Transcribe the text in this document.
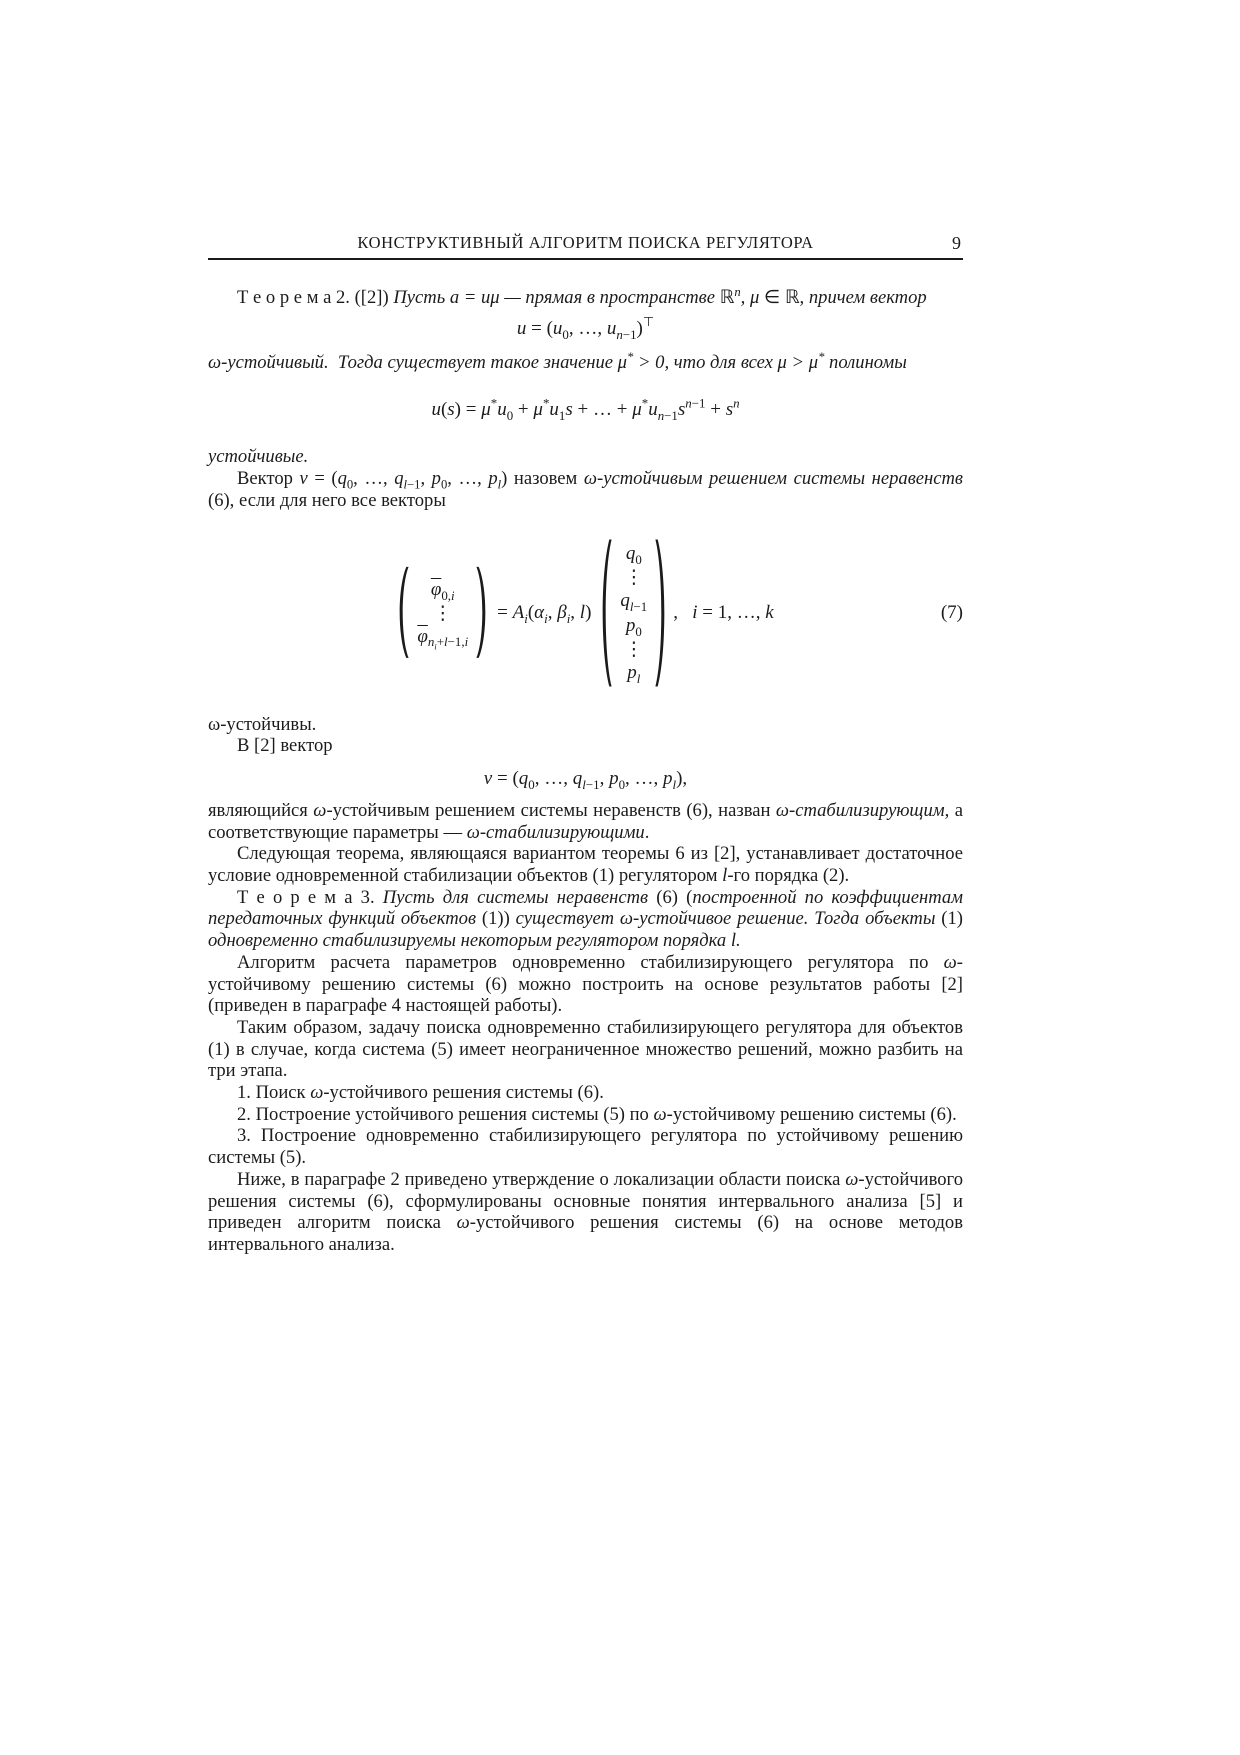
КОНСТРУКТИВНЫЙ АЛГОРИТМ ПОИСКА РЕГУЛЯТОРА	9

Т е о р е м а 2. ([2]) Пусть a = uμ — прямая в пространстве ℝ$^n$, μ ∈ ℝ, причем вектор

$u = (u_0$, …, $u_{n-1})^⊤$

ω-устойчивый.  Тогда существует такое значение μ* > 0, что для всех μ > μ* полиномы

$u(s) = \mu^*u_0 + \mu^*u_1s$ + … + $\mu^*u_{n-1}s^{n-1} + s^n$

устойчивые.

Вектор $v = (q_0$, …, $q_{l-1}$, $p_0$, …, $p_l$) назовем ω-устойчивым решением системы неравенств (6), если для него все векторы

$\overline{\varphi}_{0,i}$
⋮
$\overline{\varphi}_{n_i+l-1,i}$
= $A_i(\alpha_i$, $\beta_i$, l)
$q_0$
⋮
$q_{l-1}$
$p_0$
⋮
$p_l$
,   i = 1, …, k	(7)

ω-устойчивы.

В [2] вектор

$v = (q_0$, …, $q_{l-1}$, $p_0$, …, $p_l$),

являющийся ω-устойчивым решением системы неравенств (6), назван ω-стабилизирующим, а соответствующие параметры — ω-стабилизирующими.

Следующая теорема, являющаяся вариантом теоремы 6 из [2], устанавливает достаточное условие одновременной стабилизации объектов (1) регулятором l-го порядка (2).

Т е о р е м а 3. Пусть для системы неравенств (6) (построенной по коэффициентам передаточных функций объектов (1)) существует ω-устойчивое решение. Тогда объекты (1) одновременно стабилизируемы некоторым регулятором порядка l.

Алгоритм расчета параметров одновременно стабилизирующего регулятора по ω-устойчивому решению системы (6) можно построить на основе результатов работы [2] (приведен в параграфе 4 настоящей работы).

Таким образом, задачу поиска одновременно стабилизирующего регулятора для объектов (1) в случае, когда система (5) имеет неограниченное множество решений, можно разбить на три этапа.

1. Поиск ω-устойчивого решения системы (6).

2. Построение устойчивого решения системы (5) по ω-устойчивому решению системы (6).

3. Построение одновременно стабилизирующего регулятора по устойчивому решению системы (5).

Ниже, в параграфе 2 приведено утверждение о локализации области поиска ω-устойчивого решения системы (6), сформулированы основные понятия интервального анализа [5] и приведен алгоритм поиска ω-устойчивого решения системы (6) на основе методов интервального анализа.
